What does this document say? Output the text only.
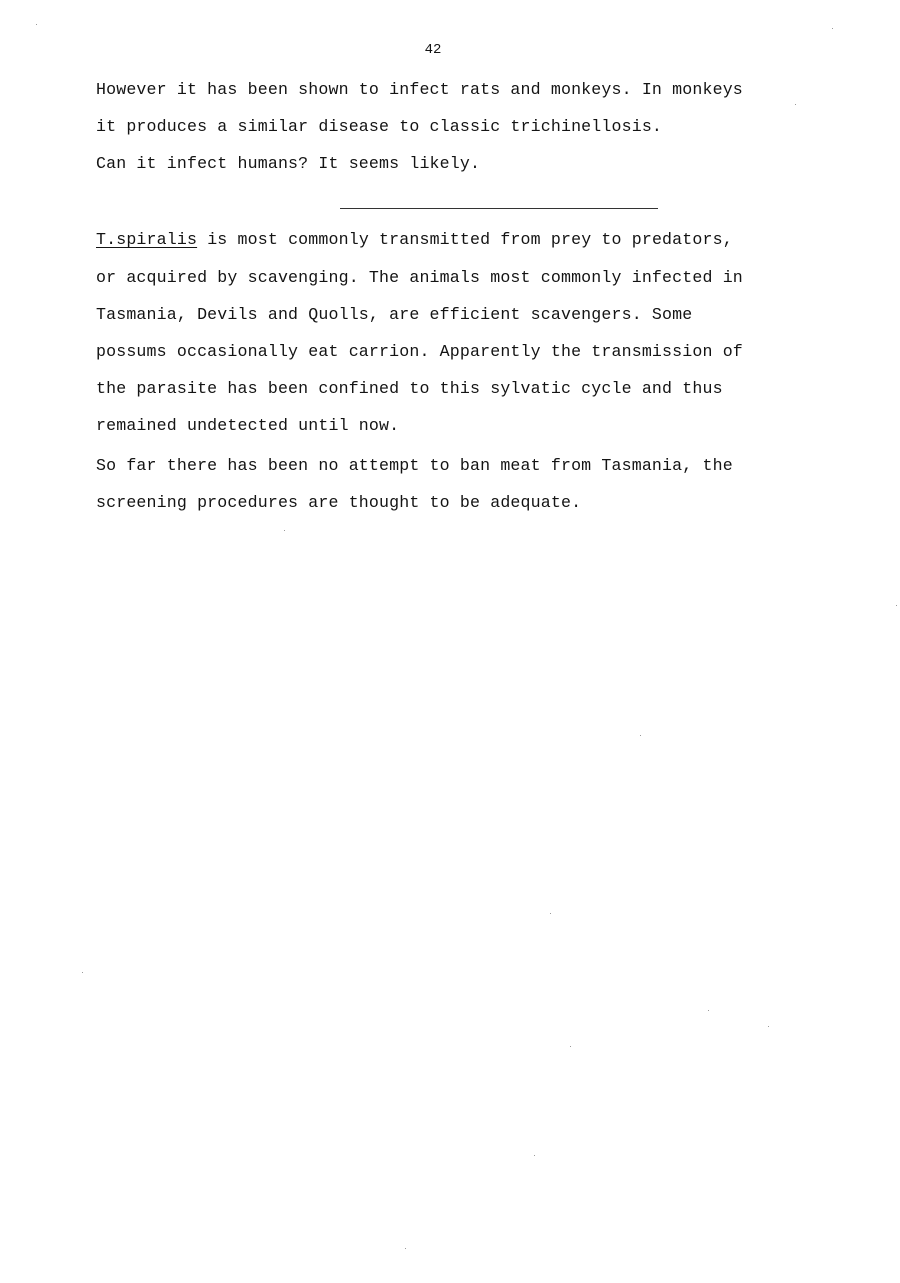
42
However it has been shown to infect rats and monkeys. In monkeys
it produces a similar disease to classic trichinellosis.
Can it infect humans? It seems likely.
T.spiralis is most commonly transmitted from prey to predators,
or acquired by scavenging. The animals most commonly infected in
Tasmania, Devils and Quolls, are efficient scavengers. Some
possums occasionally eat carrion. Apparently the transmission of
the parasite has been confined to this sylvatic cycle and thus
remained undetected until now.
So far there has been no attempt to ban meat from Tasmania, the
screening procedures are thought to be adequate.
